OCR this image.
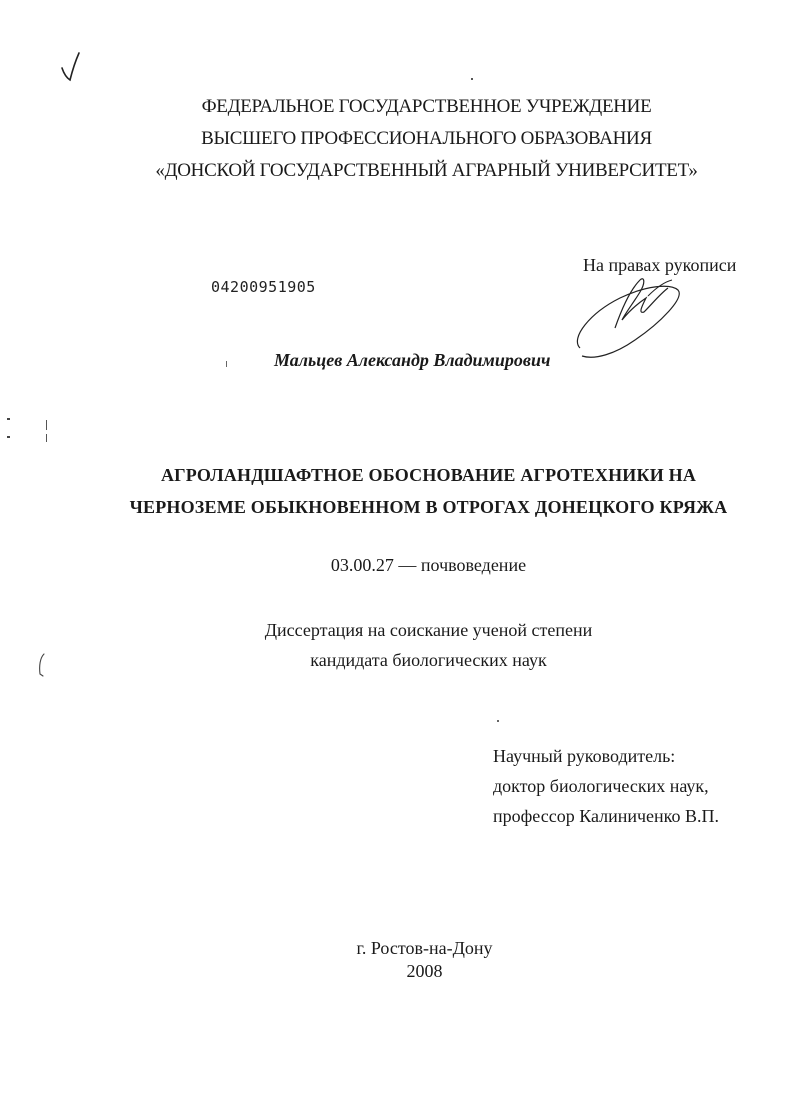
ФЕДЕРАЛЬНОЕ ГОСУДАРСТВЕННОЕ УЧРЕЖДЕНИЕ
ВЫСШЕГО ПРОФЕССИОНАЛЬНОГО ОБРАЗОВАНИЯ
«ДОНСКОЙ ГОСУДАРСТВЕННЫЙ АГРАРНЫЙ УНИВЕРСИТЕТ»
На правах рукописи
04200951905
Мальцев Александр Владимирович
АГРОЛАНДШАФТНОЕ ОБОСНОВАНИЕ АГРОТЕХНИКИ НА
ЧЕРНОЗЕМЕ ОБЫКНОВЕННОМ В ОТРОГАХ ДОНЕЦКОГО КРЯЖА
03.00.27 — почвоведение
Диссертация на соискание ученой степени
кандидата биологических наук
Научный руководитель:
доктор биологических наук,
профессор Калиниченко В.П.
г. Ростов-на-Дону
2008
